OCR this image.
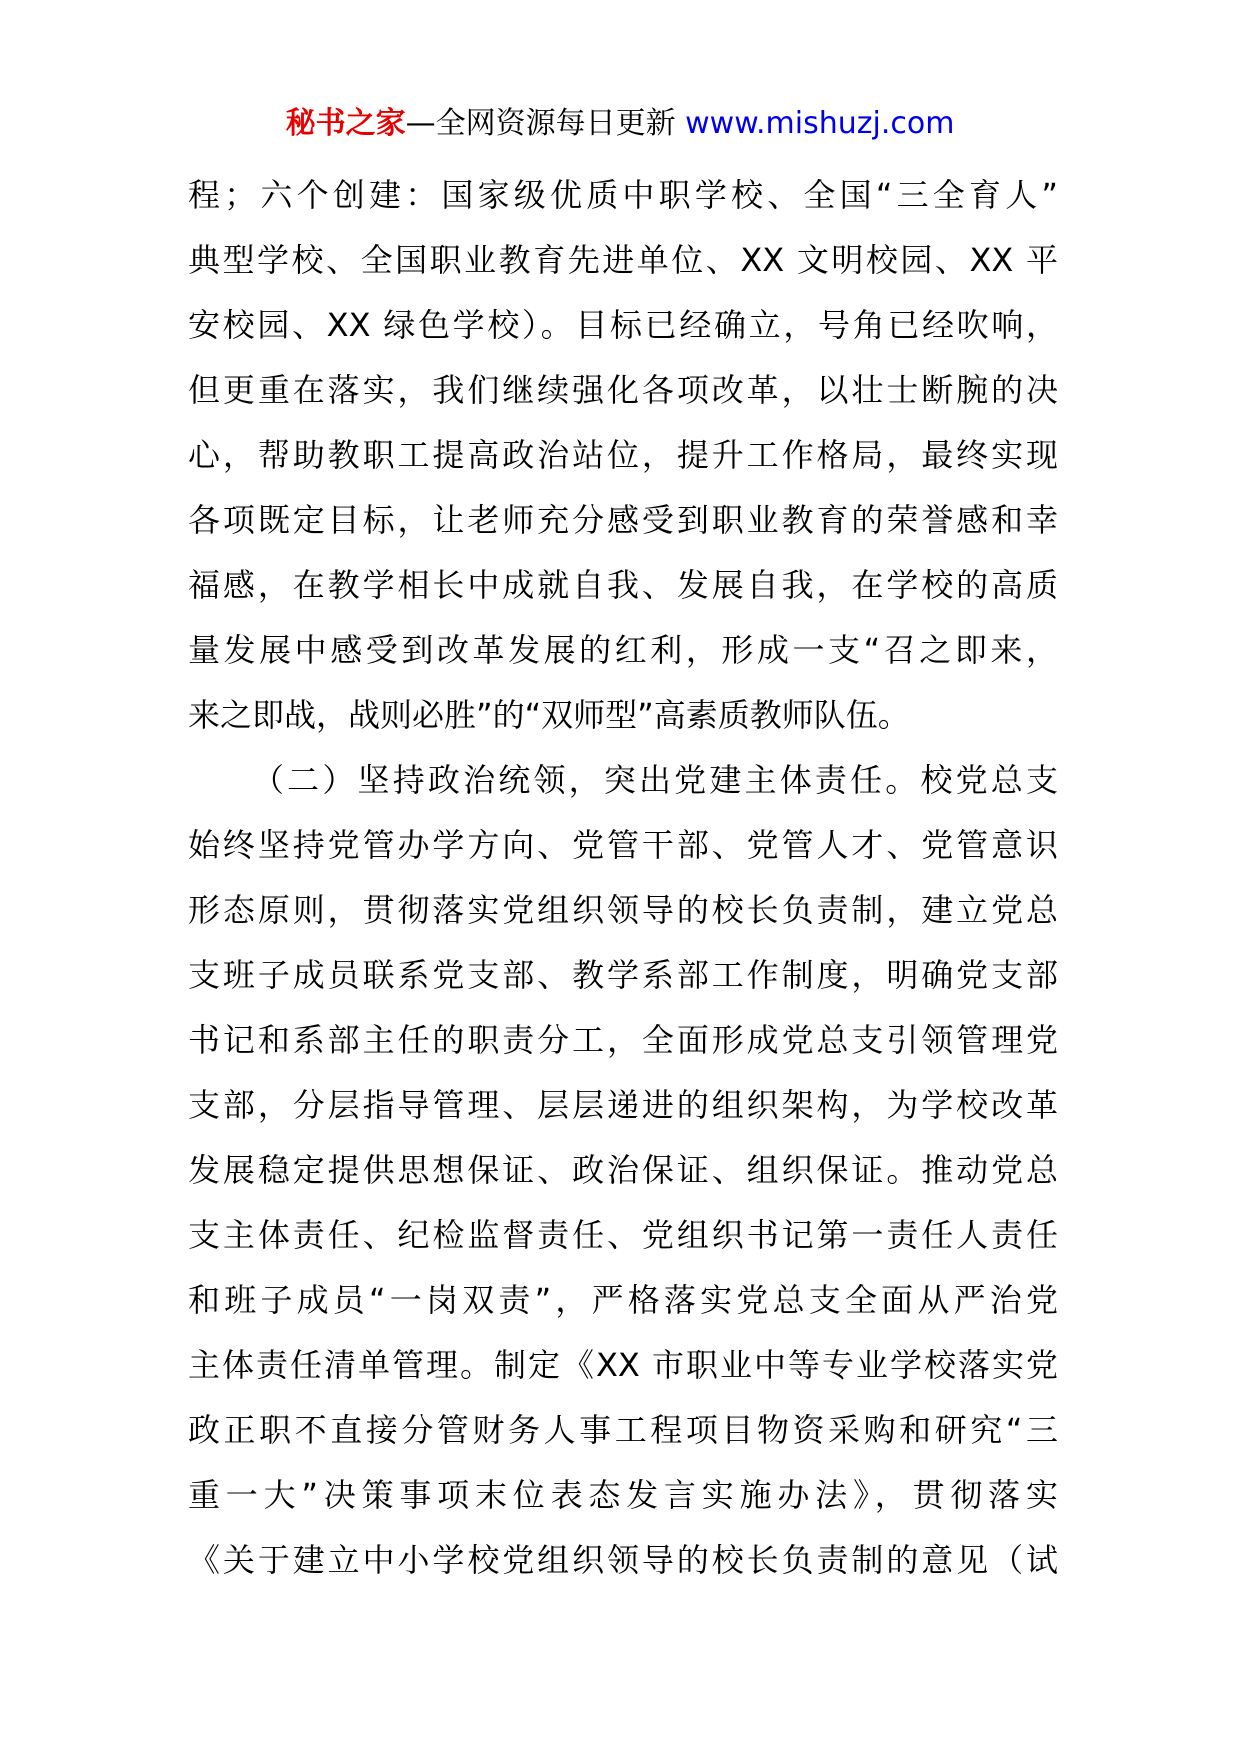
秘书之家—全网资源每日更新 www.mishuzj.com
程；六个创建：国家级优质中职学校、全国“三全育人”
典型学校、全国职业教育先进单位、XX 文明校园、XX 平
安校园、XX 绿色学校）。目标已经确立，号角已经吹响，
但更重在落实，我们继续强化各项改革，以壮士断腕的决
心，帮助教职工提高政治站位，提升工作格局，最终实现
各项既定目标，让老师充分感受到职业教育的荣誉感和幸
福感，在教学相长中成就自我、发展自我，在学校的高质
量发展中感受到改革发展的红利，形成一支“召之即来，
来之即战，战则必胜”的“双师型”高素质教师队伍。
（二）坚持政治统领，突出党建主体责任。校党总支
始终坚持党管办学方向、党管干部、党管人才、党管意识
形态原则，贯彻落实党组织领导的校长负责制，建立党总
支班子成员联系党支部、教学系部工作制度，明确党支部
书记和系部主任的职责分工，全面形成党总支引领管理党
支部，分层指导管理、层层递进的组织架构，为学校改革
发展稳定提供思想保证、政治保证、组织保证。推动党总
支主体责任、纪检监督责任、党组织书记第一责任人责任
和班子成员“一岗双责”，严格落实党总支全面从严治党
主体责任清单管理。制定《XX 市职业中等专业学校落实党
政正职不直接分管财务人事工程项目物资采购和研究“三
重一大”决策事项末位表态发言实施办法》，贯彻落实
《关于建立中小学校党组织领导的校长负责制的意见（试
